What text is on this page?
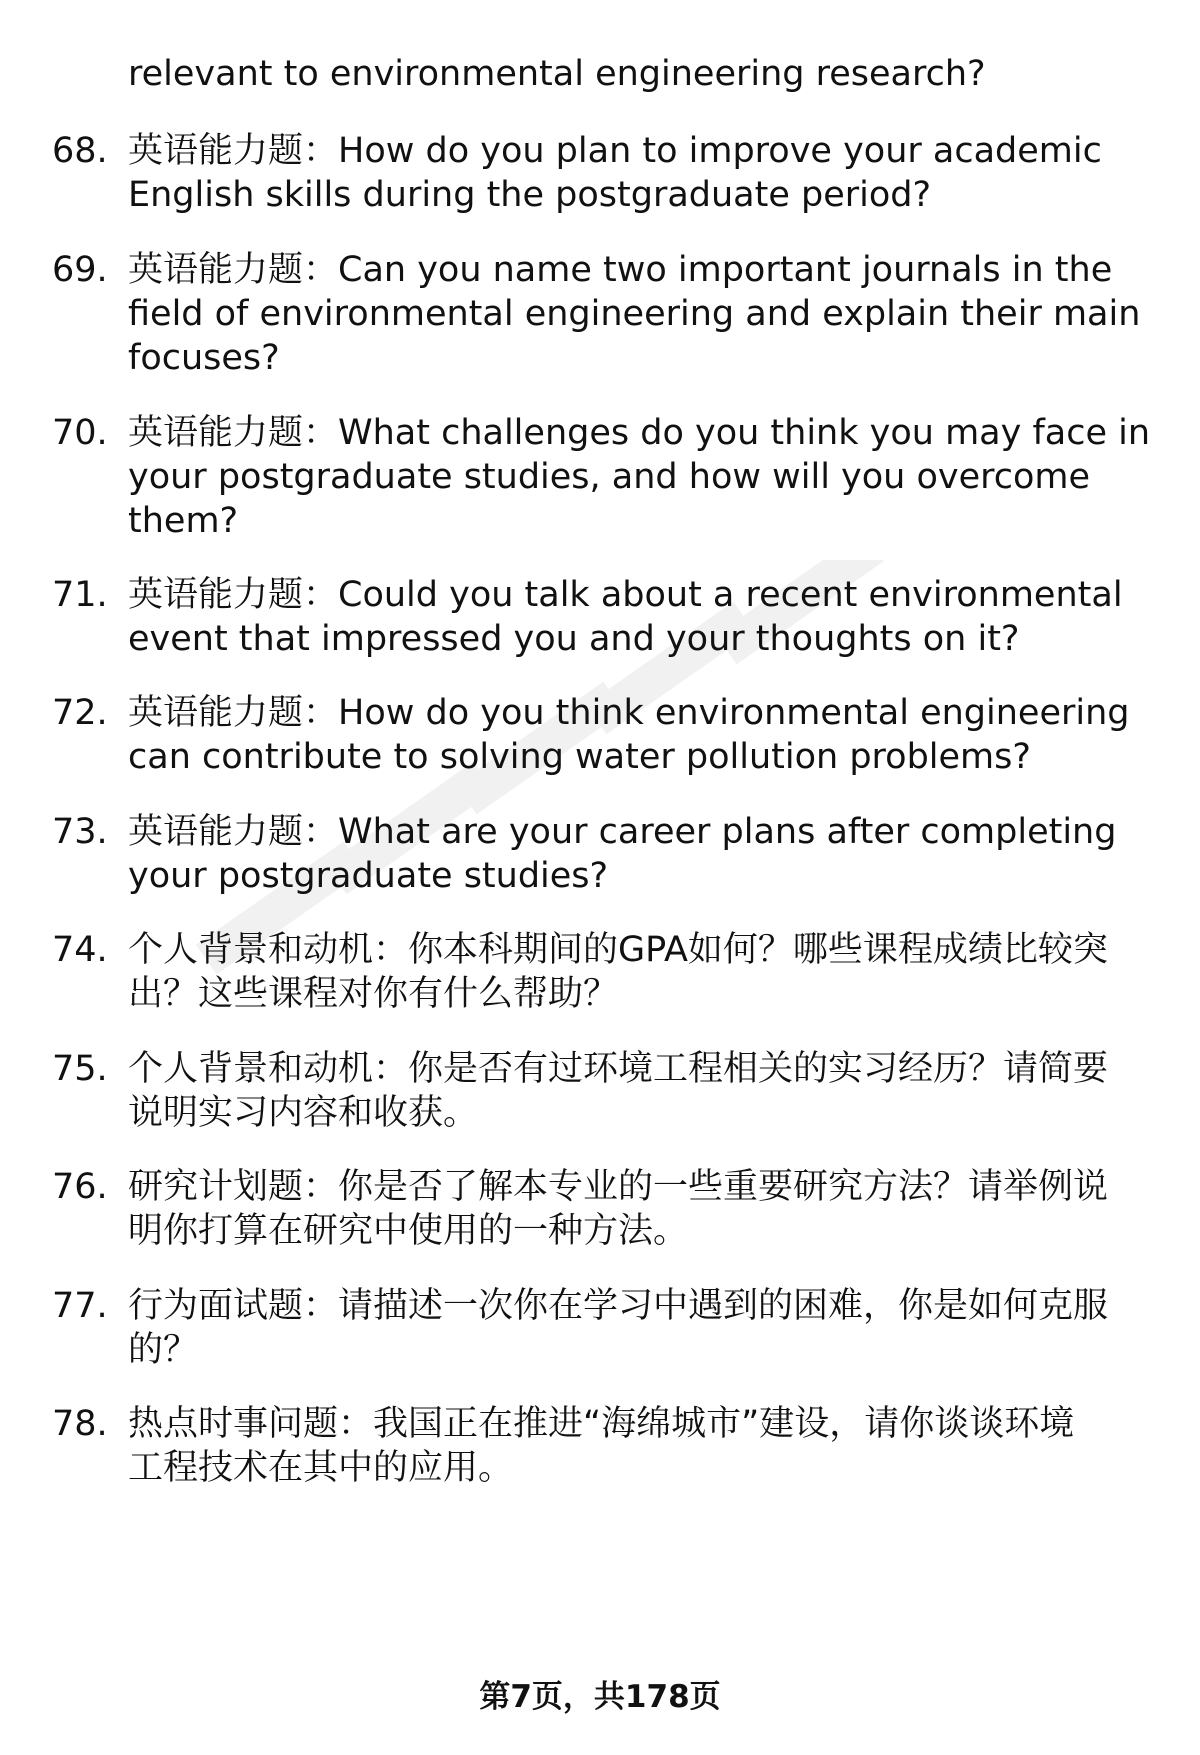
relevant to environmental engineering research?
68. 英语能力题：How do you plan to improve your academic
English skills during the postgraduate period?
69. 英语能力题：Can you name two important journals in the
field of environmental engineering and explain their main
focuses?
70. 英语能力题：What challenges do you think you may face in
your postgraduate studies, and how will you overcome
them?
71. 英语能力题：Could you talk about a recent environmental
event that impressed you and your thoughts on it?
72. 英语能力题：How do you think environmental engineering
can contribute to solving water pollution problems?
73. 英语能力题：What are your career plans after completing
your postgraduate studies?
74. 个人背景和动机：你本科期间的GPA如何？哪些课程成绩比较突
出？这些课程对你有什么帮助？
75. 个人背景和动机：你是否有过环境工程相关的实习经历？请简要
说明实习内容和收获。
76. 研究计划题：你是否了解本专业的一些重要研究方法？请举例说
明你打算在研究中使用的一种方法。
77. 行为面试题：请描述一次你在学习中遇到的困难，你是如何克服
的？
78. 热点时事问题：我国正在推进“海绵城市”建设，请你谈谈环境
工程技术在其中的应用。
第7页，共178页
